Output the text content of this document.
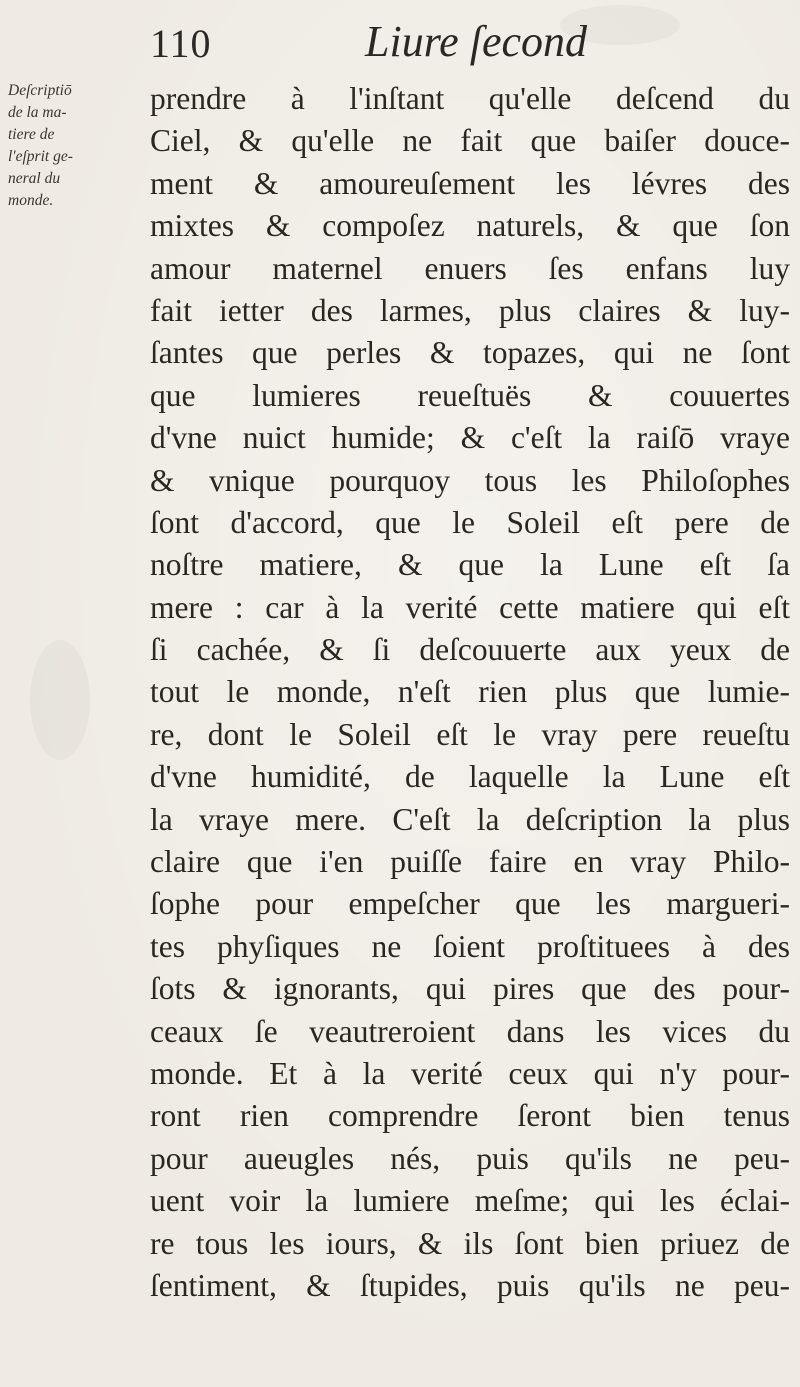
110	Liure ſecond
Deſcriptiō
de la ma-
tiere de
l'eſprit ge-
neral du
monde.
prendre à l'inſtant qu'elle deſcend du
Ciel, & qu'elle ne fait que baiſer douce-
ment & amoureuſement les lévres des
mixtes & compoſez naturels, & que ſon
amour maternel enuers ſes enfans luy
fait ietter des larmes, plus claires & luy-
ſantes que perles & topazes, qui ne ſont
que lumieres reueſtuës & couuertes
d'vne nuict humide; & c'eſt la raiſō vraye
& vnique pourquoy tous les Philoſophes
ſont d'accord, que le Soleil eſt pere de
noſtre matiere, & que la Lune eſt ſa
mere : car à la verité cette matiere qui eſt
ſi cachée, & ſi deſcouuerte aux yeux de
tout le monde, n'eſt rien plus que lumie-
re, dont le Soleil eſt le vray pere reueſtu
d'vne humidité, de laquelle la Lune eſt
la vraye mere. C'eſt la deſcription la plus
claire que i'en puiſſe faire en vray Philo-
ſophe pour empeſcher que les margueri-
tes phyſiques ne ſoient proſtituees à des
ſots & ignorants, qui pires que des pour-
ceaux ſe veautreroient dans les vices du
monde. Et à la verité ceux qui n'y pour-
ront rien comprendre ſeront bien tenus
pour aueugles nés, puis qu'ils ne peu-
uent voir la lumiere meſme; qui les éclai-
re tous les iours, & ils ſont bien priuez de
ſentiment, & ſtupides, puis qu'ils ne peu-
